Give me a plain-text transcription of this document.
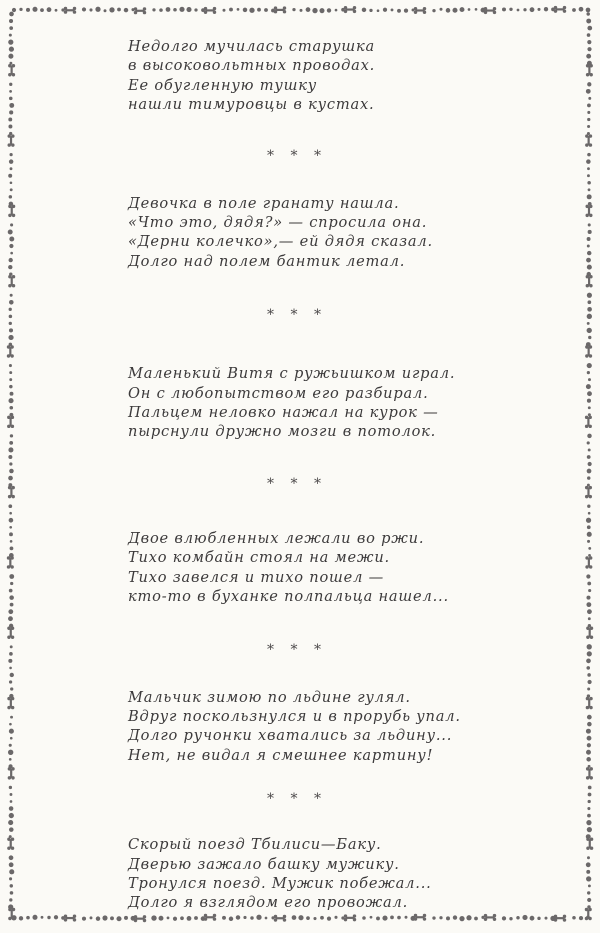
Недолго мучилась старушка
в высоковольтных проводах.
Ее обугленную тушку
нашли тимуровцы в кустах.
* * *
Девочка в поле гранату нашла.
«Что это, дядя?» — спросила она.
«Дерни колечко»,— ей дядя сказал.
Долго над полем бантик летал.
* * *
Маленький Витя с ружьишком играл.
Он с любопытством его разбирал.
Пальцем неловко нажал на курок —
пырснули дружно мозги в потолок.
* * *
Двое влюбленных лежали во ржи.
Тихо комбайн стоял на межи.
Тихо завелся и тихо пошел —
кто-то в буханке полпальца нашел...
* * *
Мальчик зимою по льдине гулял.
Вдруг поскользнулся и в прорубь упал.
Долго ручонки хватались за льдину...
Нет, не видал я смешнее картину!
* * *
Скорый поезд Тбилиси—Баку.
Дверью зажало башку мужику.
Тронулся поезд. Мужик побежал...
Долго я взглядом его провожал.
